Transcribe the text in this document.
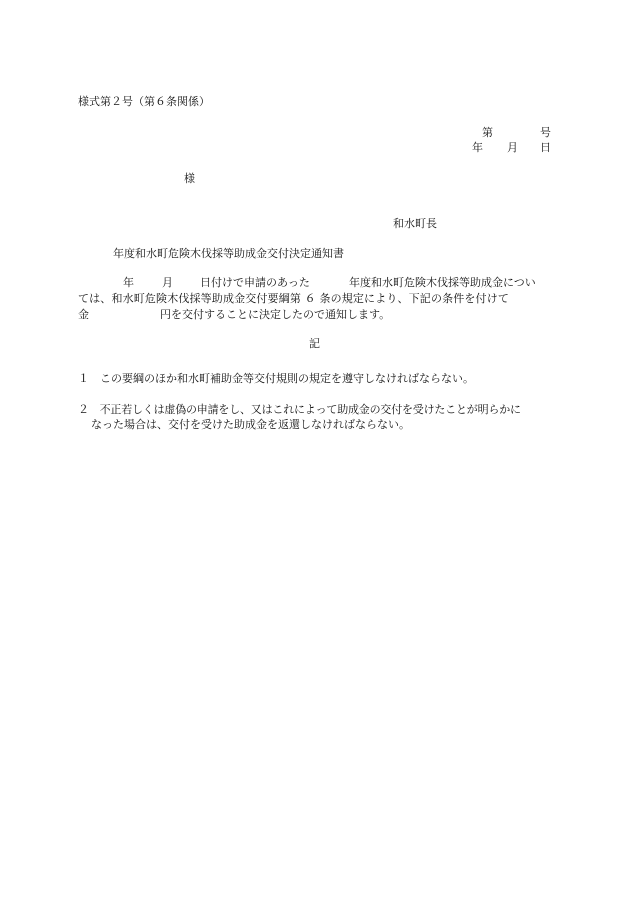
様式第２号（第６条関係）
第	号
年 月 日
様
和水町長
年度和水町危険木伐採等助成金交付決定通知書
年	月 日付けで申請のあった	年度和水町危険木伐採等助成金につい
ては、和水町危険木伐採等助成金交付要綱第 ６ 条の規定により、下記の条件を付けて
金	円を交付することに決定したので通知します。
記
１　この要綱のほか和水町補助金等交付規則の規定を遵守しなければならない。
２　不正若しくは虚偽の申請をし、又はこれによって助成金の交付を受けたことが明らかに
なった場合は、交付を受けた助成金を返還しなければならない。
